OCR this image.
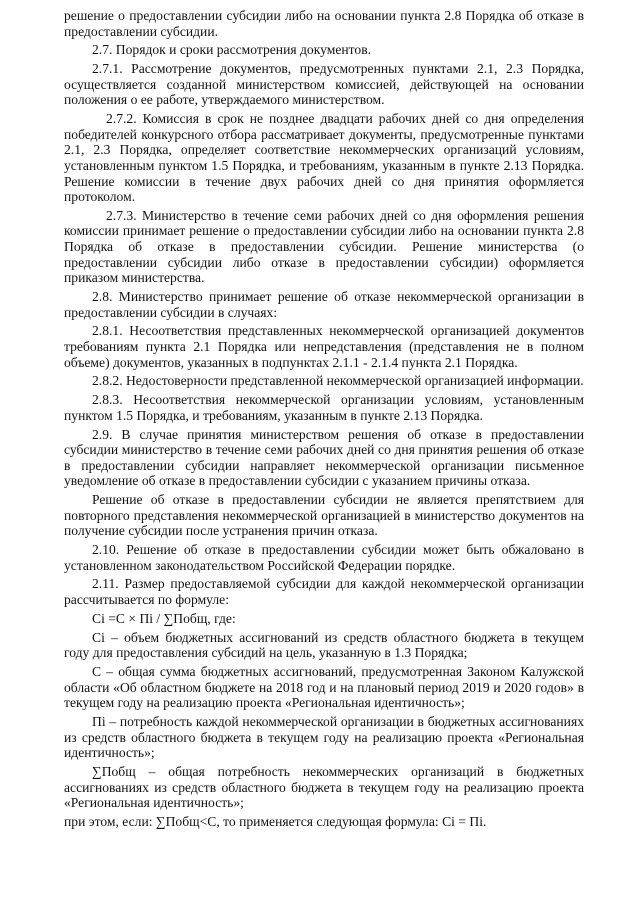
решение о предоставлении субсидии либо на основании пункта 2.8 Порядка об отказе в предоставлении субсидии.

2.7. Порядок и сроки рассмотрения документов.

2.7.1. Рассмотрение документов, предусмотренных пунктами 2.1, 2.3 Порядка, осуществляется созданной министерством комиссией, действующей на основании положения о ее работе, утверждаемого министерством.

2.7.2. Комиссия в срок не позднее двадцати рабочих дней со дня определения победителей конкурсного отбора рассматривает документы, предусмотренные пунктами 2.1, 2.3 Порядка, определяет соответствие некоммерческих организаций условиям, установленным пунктом 1.5 Порядка, и требованиям, указанным в пункте 2.13 Порядка. Решение комиссии в течение двух рабочих дней со дня принятия оформляется протоколом.

2.7.3. Министерство в течение семи рабочих дней со дня оформления решения комиссии принимает решение о предоставлении субсидии либо на основании пункта 2.8 Порядка об отказе в предоставлении субсидии. Решение министерства (о предоставлении субсидии либо отказе в предоставлении субсидии) оформляется приказом министерства.

2.8. Министерство принимает решение об отказе некоммерческой организации в предоставлении субсидии в случаях:

2.8.1. Несоответствия представленных некоммерческой организацией документов требованиям пункта 2.1 Порядка или непредставления (представления не в полном объеме) документов, указанных в подпунктах 2.1.1 - 2.1.4 пункта 2.1 Порядка.

2.8.2. Недостоверности представленной некоммерческой организацией информации.

2.8.3. Несоответствия некоммерческой организации условиям, установленным пунктом 1.5 Порядка, и требованиям, указанным в пункте 2.13 Порядка.

2.9. В случае принятия министерством решения об отказе в предоставлении субсидии министерство в течение семи рабочих дней со дня принятия решения об отказе в предоставлении субсидии направляет некоммерческой организации письменное уведомление об отказе в предоставлении субсидии с указанием причины отказа.

Решение об отказе в предоставлении субсидии не является препятствием для повторного представления некоммерческой организацией в министерство документов на получение субсидии после устранения причин отказа.

2.10. Решение об отказе в предоставлении субсидии может быть обжаловано в установленном законодательством Российской Федерации порядке.

2.11. Размер предоставляемой субсидии для каждой некоммерческой организации рассчитывается по формуле:

Ci =C × Пi / ∑Побщ, где:

Ci – объем бюджетных ассигнований из средств областного бюджета в текущем году для предоставления субсидий на цель, указанную в 1.3 Порядка;

C – общая сумма бюджетных ассигнований, предусмотренная Законом Калужской области «Об областном бюджете на 2018 год и на плановый период 2019 и 2020 годов» в текущем году на реализацию проекта «Региональная идентичность»;

Пi – потребность каждой некоммерческой организации в бюджетных ассигнованиях из средств областного бюджета в текущем году на реализацию проекта «Региональная идентичность»;

∑Побщ – общая потребность некоммерческих организаций в бюджетных ассигнованиях из средств областного бюджета в текущем году на реализацию проекта «Региональная идентичность»;

при этом, если: ∑Побщ<C, то применяется следующая формула: Ci = Пi.
